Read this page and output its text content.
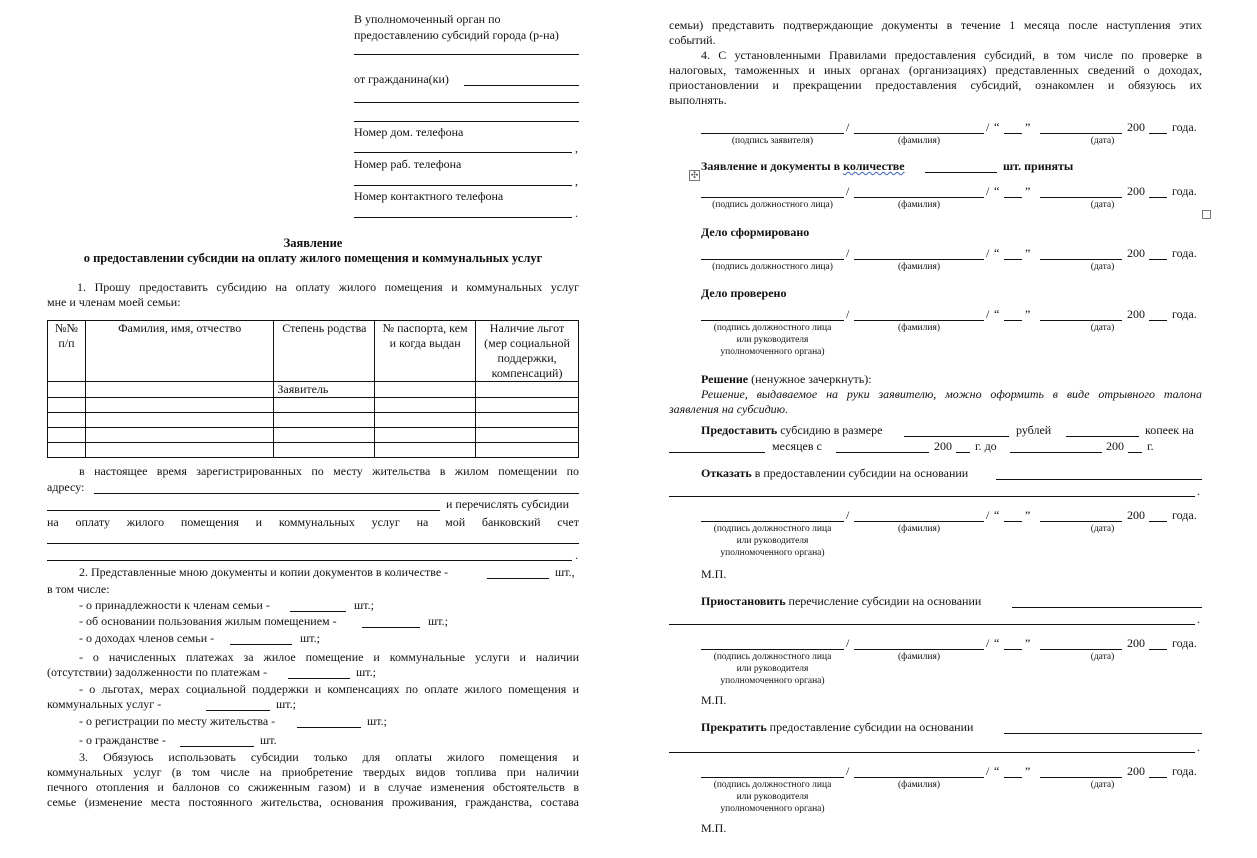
В уполномоченный орган по
предоставлению субсидий города (р-на)
от гражданина(ки)
Номер дом. телефона
,
Номер раб. телефона
,
Номер контактного телефона
.
Заявление
о предоставлении субсидии на оплату жилого помещения и коммунальных услуг
1. Прошу предоставить субсидию на оплату жилого помещения и коммунальных услуг
мне и членам моей семьи:
№№ п/п	Фамилия, имя, отчество	Степень родства	№ паспорта, кем и когда выдан	Наличие льгот (мер социальной поддержки, компенсаций)
		Заявитель		

в настоящее время зарегистрированных по месту жительства в жилом помещении по
адресу:
и перечислять субсидии
на оплату жилого помещения и коммунальных услуг на мой банковский счет
.
2. Представленные мною документы и копии документов в количестве -	шт.,
в том числе:
- о принадлежности к членам семьи -	шт.;
- об основании пользования жилым помещением -	шт.;
- о доходах членов семьи -	шт.;
- о начисленных платежах за жилое помещение и коммунальные услуги и наличии
(отсутствии) задолженности по платежам -	шт.;
- о льготах, мерах социальной поддержки и компенсациях по оплате жилого помещения и
коммунальных услуг -	шт.;
- о регистрации по месту жительства -	шт.;
- о гражданстве -	шт.
3. Обязуюсь использовать субсидии только для оплаты жилого помещения и
коммунальных услуг (в том числе на приобретение твердых видов топлива при наличии
печного отопления и баллонов со сжиженным газом) и в случае изменения обстоятельств в
семье (изменение места постоянного жительства, основания проживания, гражданства, состава
семьи) представить подтверждающие документы в течение 1 месяца после наступления этих
событий.
4. С установленными Правилами предоставления субсидий, в том числе по проверке в
налоговых, таможенных и иных органах (организациях) представленных сведений о доходах,
приостановлении и прекращении предоставления субсидий, ознакомлен и обязуюсь их
выполнять.
/	/ “ ”	200 года.
(подпись заявителя)	(фамилия)	(дата)
✣
Заявление и документы в количестве	шт. приняты
/	/ “ ”	200 года.
(подпись должностного лица)	(фамилия)	(дата)
Дело сформировано
/	/ “ ”	200 года.
(подпись должностного лица)	(фамилия)	(дата)
Дело проверено
/	/ “ ”	200 года.
(подпись должностного лица
или руководителя
уполномоченного органа)
(фамилия)	(дата)
Решение (ненужное зачеркнуть):
Решение, выдаваемое на руки заявителю, можно оформить в виде отрывного талона
заявления на субсидию.
Предоставить субсидию в размере	рублей	копеек на
месяцев с	200 г. до	200 г.
Отказать в предоставлении субсидии на основании
.
/	/ “ ”	200 года.
(подпись должностного лица
или руководителя
уполномоченного органа)
(фамилия)	(дата)
М.П.
Приостановить перечисление субсидии на основании
.
/	/ “ ”	200 года.
(подпись должностного лица
или руководителя
уполномоченного органа)
(фамилия)	(дата)
М.П.
Прекратить предоставление субсидии на основании
.
/	/ “ ”	200 года.
(подпись должностного лица
или руководителя
уполномоченного органа)
(фамилия)	(дата)
М.П.
